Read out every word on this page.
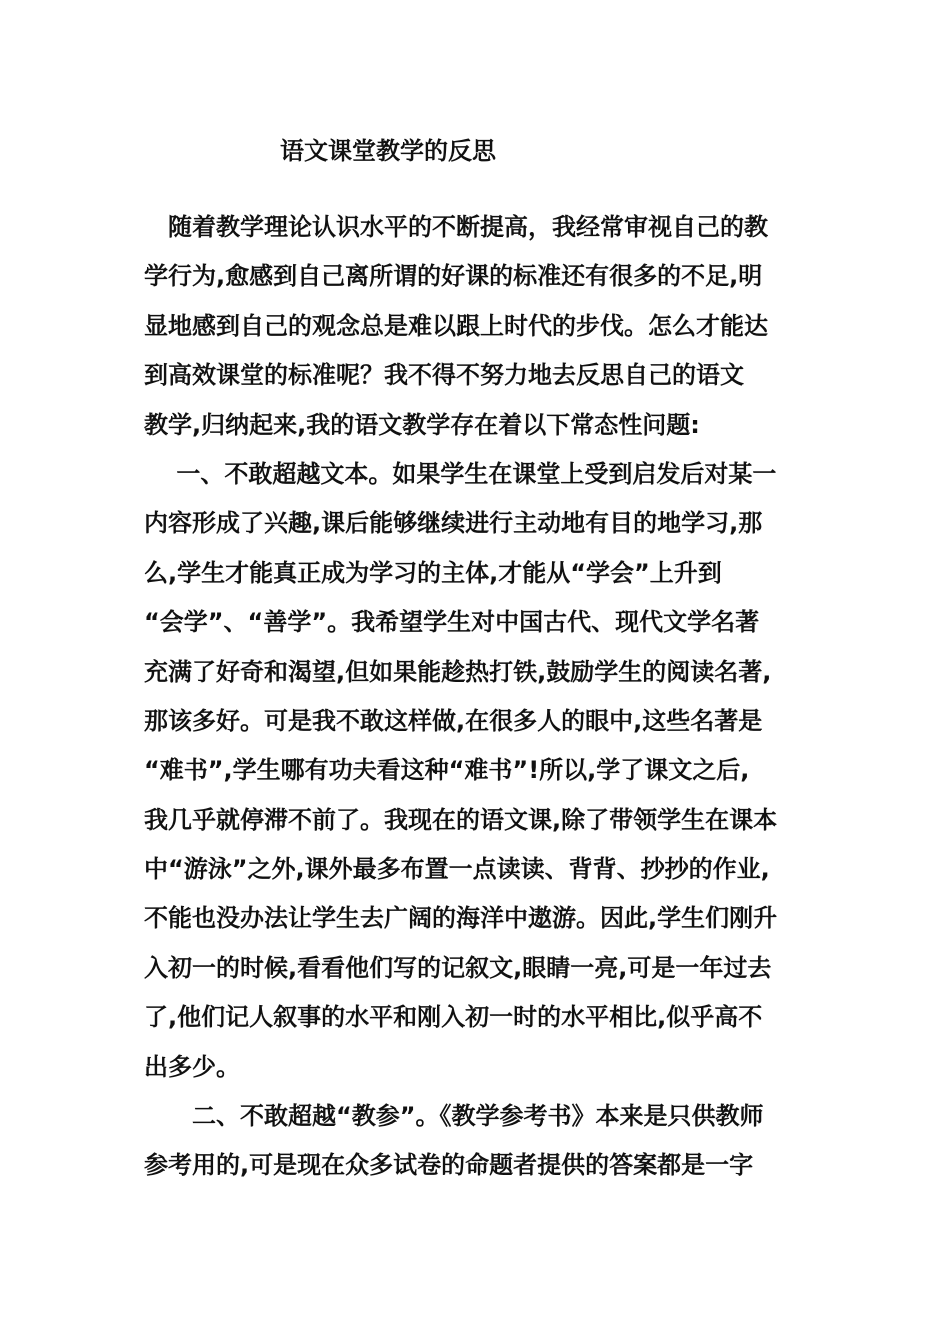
语文课堂教学的反思
　随着教学理论认识水平的不断提高，我经常审视自己的教
学行为,愈感到自己离所谓的好课的标准还有很多的不足,明
显地感到自己的观念总是难以跟上时代的步伐。怎么才能达
到高效课堂的标准呢？我不得不努力地去反思自己的语文
教学,归纳起来,我的语文教学存在着以下常态性问题:
　 一、不敢超越文本。如果学生在课堂上受到启发后对某一
内容形成了兴趣,课后能够继续进行主动地有目的地学习,那
么,学生才能真正成为学习的主体,才能从“学会”上升到
“会学”、“善学”。我希望学生对中国古代、现代文学名著
充满了好奇和渴望,但如果能趁热打铁,鼓励学生的阅读名著,
那该多好。可是我不敢这样做,在很多人的眼中,这些名著是
“难书”,学生哪有功夫看这种“难书”!所以,学了课文之后,
我几乎就停滞不前了。我现在的语文课,除了带领学生在课本
中“游泳”之外,课外最多布置一点读读、背背、抄抄的作业,
不能也没办法让学生去广阔的海洋中遨游。因此,学生们刚升
入初一的时候,看看他们写的记叙文,眼睛一亮,可是一年过去
了,他们记人叙事的水平和刚入初一时的水平相比,似乎高不
出多少。
　　二、不敢超越“教参”。《教学参考书》本来是只供教师
参考用的,可是现在众多试卷的命题者提供的答案都是一字
